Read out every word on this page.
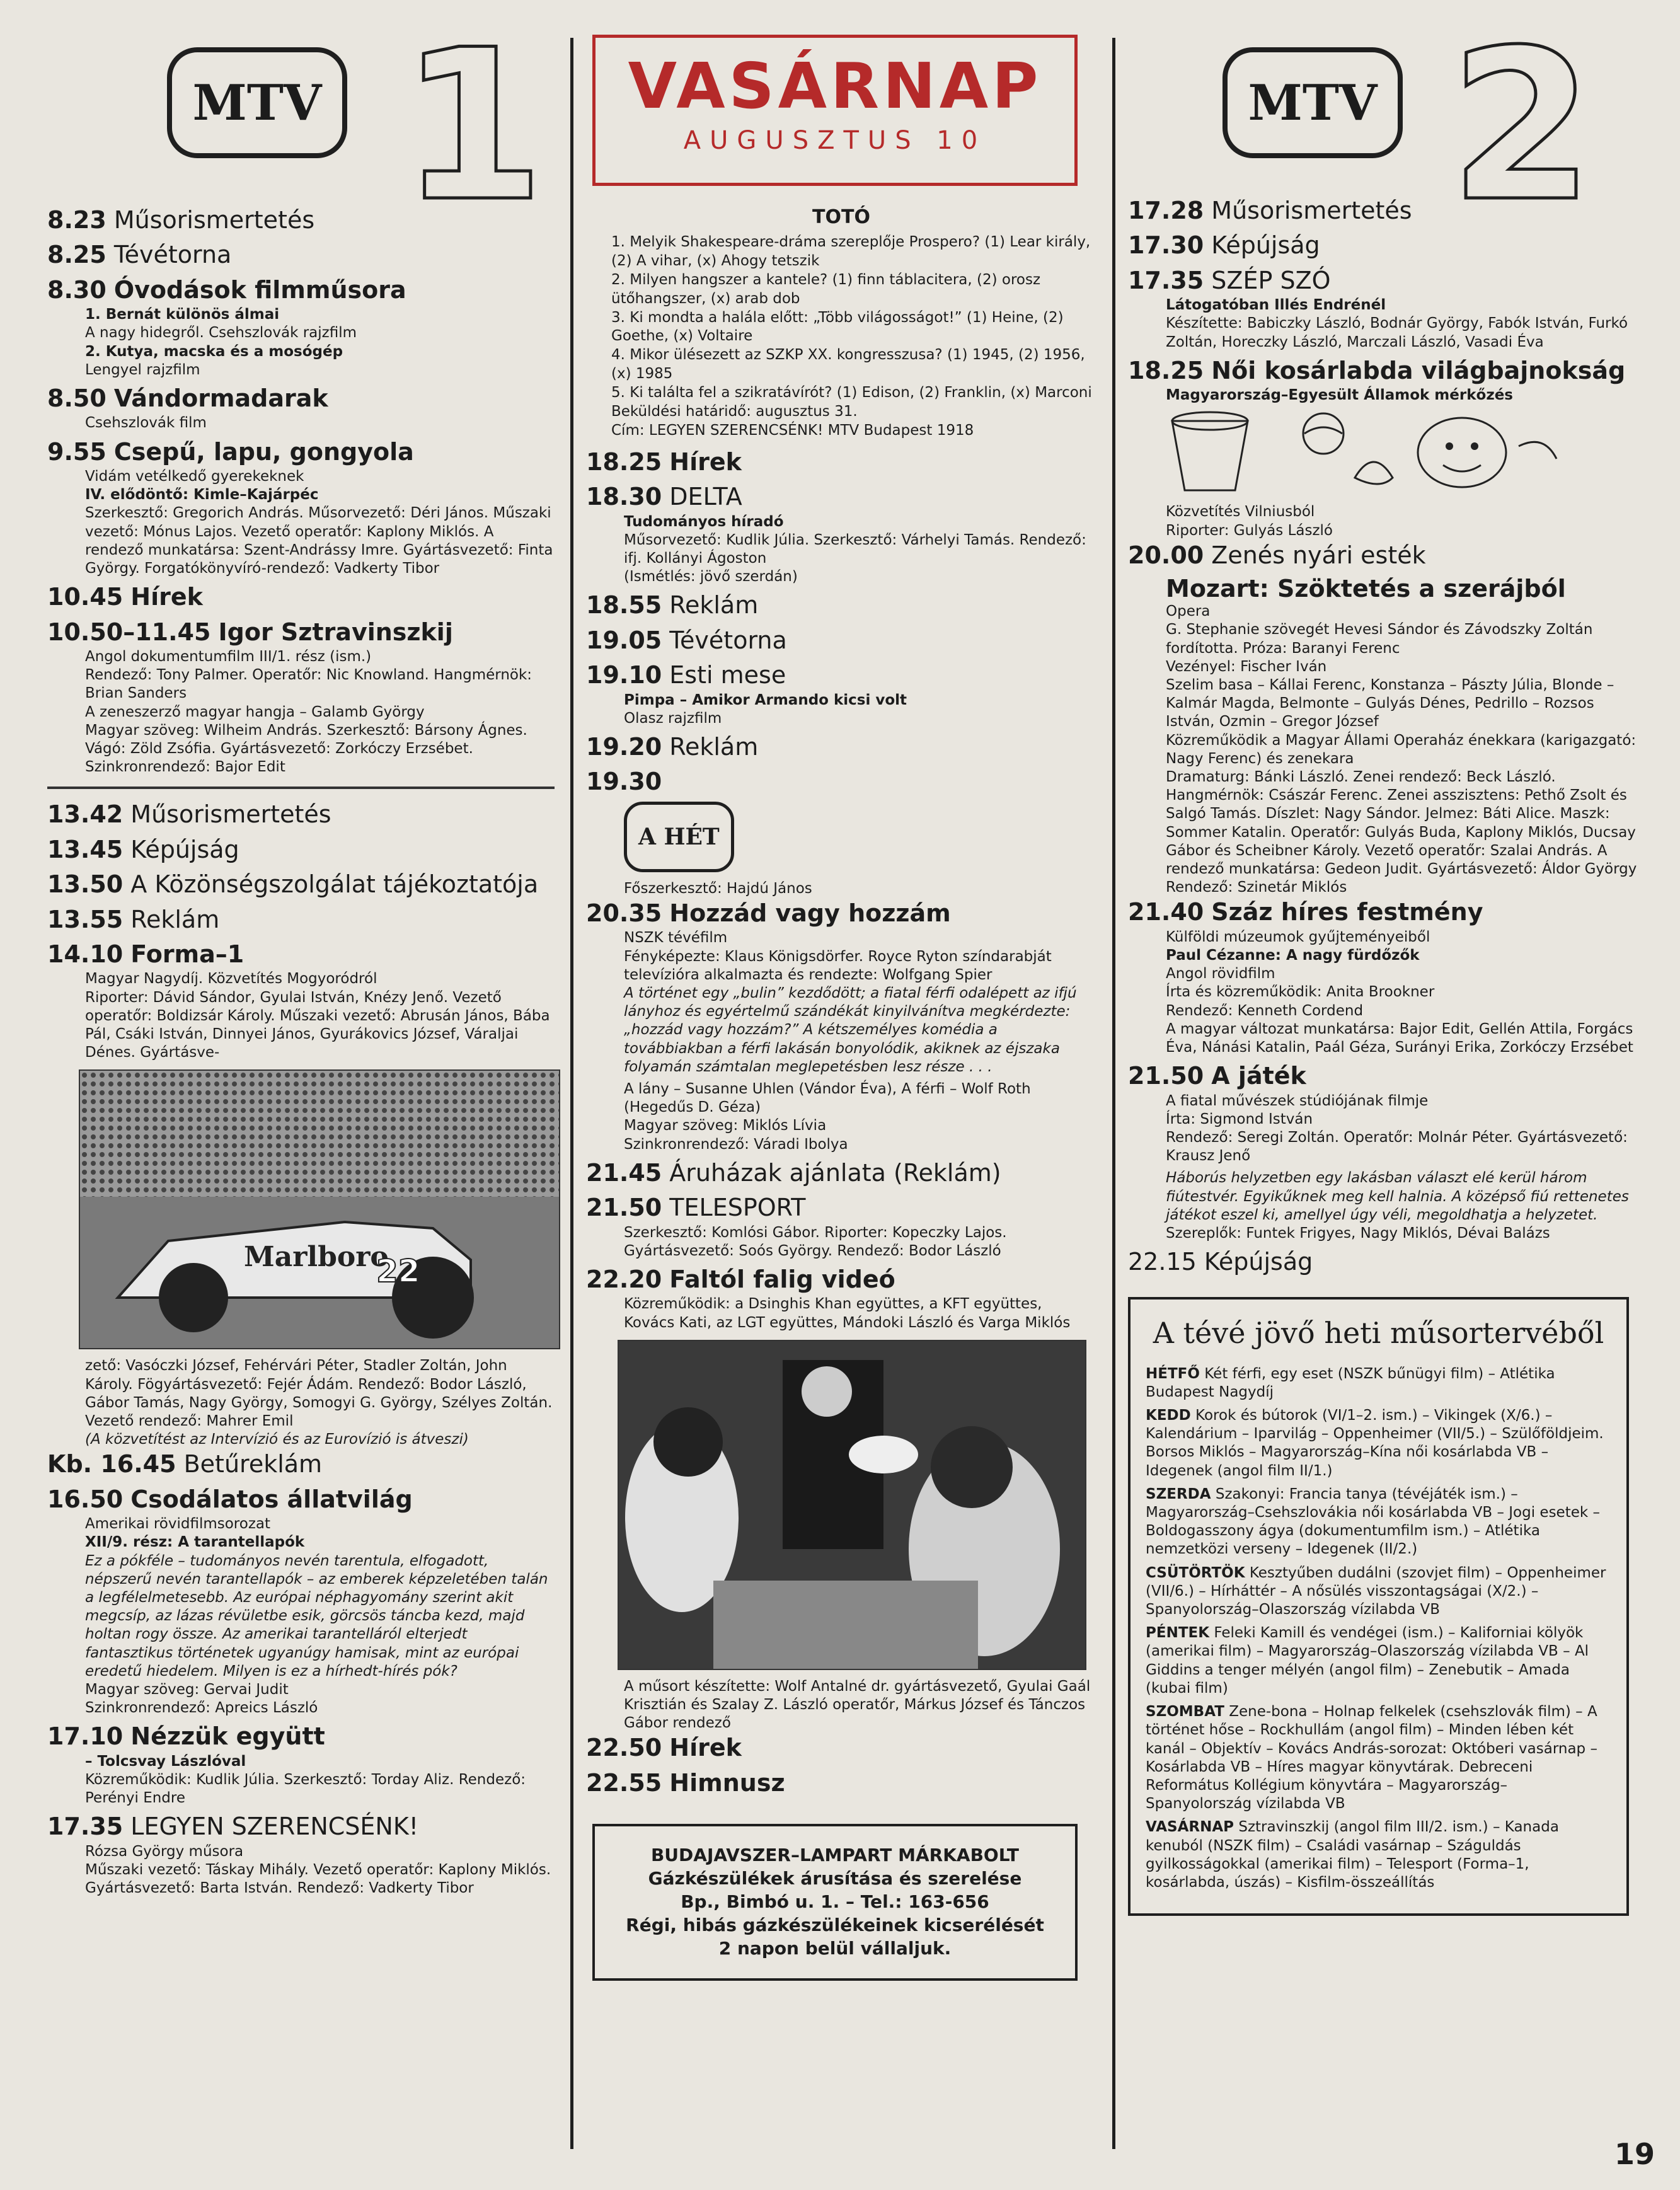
MTV 1
8.23 Műsorismertetés
8.25 Tévétorna
8.30 Óvodások filmműsora
1. Bernát különös álmai
A nagy hidegről. Csehszlovák rajzfilm
2. Kutya, macska és a mosógép
Lengyel rajzfilm
8.50 Vándormadarak
Csehszlovák film
9.55 Csepű, lapu, gongyola
Vidám vetélkedő gyerekeknek
IV. elődöntő: Kimle–Kajárpéc
Szerkesztő: Gregorich András. Műsorvezető: Déri János. Műszaki vezető: Mónus Lajos. Vezető operatőr: Kaplony Miklós. A rendező munkatársa: Szent-Andrássy Imre. Gyártásvezető: Finta György. Forgatókönyvíró-rendező: Vadkerty Tibor
10.45 Hírek
10.50–11.45 Igor Sztravinszkij
Angol dokumentumfilm III/1. rész (ism.)
Rendező: Tony Palmer. Operatőr: Nic Knowland. Hangmérnök: Brian Sanders
A zeneszerző magyar hangja – Galamb György
Magyar szöveg: Wilheim András. Szerkesztő: Bársony Ágnes. Vágó: Zöld Zsófia. Gyártásvezető: Zorkóczy Erzsébet. Szinkronrendező: Bajor Edit
13.42 Műsorismertetés
13.45 Képújság
13.50 A Közönségszolgálat tájékoztatója
13.55 Reklám
14.10 Forma–1
Magyar Nagydíj. Közvetítés Mogyoródról
Riporter: Dávid Sándor, Gyulai István, Knézy Jenő. Vezető operatőr: Boldizsár Károly. Műszaki vezető: Abrusán János, Bába Pál, Csáki István, Dinnyei János, Gyurákovics József, Váraljai Dénes. Gyártásve-
Marlboro
22
zető: Vasóczki József, Fehérvári Péter, Stadler Zoltán, John Károly. Fögyártásvezető: Fejér Ádám. Rendező: Bodor László, Gábor Tamás, Nagy György, Somogyi G. György, Szélyes Zoltán. Vezető rendező: Mahrer Emil
(A közvetítést az Intervízió és az Eurovízió is átveszi)
Kb. 16.45 Betűreklám
16.50 Csodálatos állatvilág
Amerikai rövidfilmsorozat
XII/9. rész: A tarantellapók
Ez a pókféle – tudományos nevén tarentula, elfogadott, népszerű nevén tarantellapók – az emberek képzeletében talán a legfélelmetesebb. Az európai néphagyomány szerint akit megcsíp, az lázas révületbe esik, görcsös táncba kezd, majd holtan rogy össze. Az amerikai tarantelláról elterjedt fantasztikus történetek ugyanúgy hamisak, mint az európai eredetű hiedelem. Milyen is ez a hírhedt-hírés pók?
Magyar szöveg: Gervai Judit
Szinkronrendező: Apreics László
17.10 Nézzük együtt
– Tolcsvay Lászlóval
Közreműködik: Kudlik Júlia. Szerkesztő: Torday Aliz. Rendező: Perényi Endre
17.35 LEGYEN SZERENCSÉNK!
Rózsa György műsora
Műszaki vezető: Táskay Mihály. Vezető operatőr: Kaplony Miklós. Gyártásvezető: Barta István. Rendező: Vadkerty Tibor
VASÁRNAP
AUGUSZTUS 10
TOTÓ
1. Melyik Shakespeare-dráma szereplője Prospero? (1) Lear király, (2) A vihar, (x) Ahogy tetszik
2. Milyen hangszer a kantele? (1) finn táblacitera, (2) orosz ütőhangszer, (x) arab dob
3. Ki mondta a halála előtt: „Több világosságot!” (1) Heine, (2) Goethe, (x) Voltaire
4. Mikor ülésezett az SZKP XX. kongresszusa? (1) 1945, (2) 1956, (x) 1985
5. Ki találta fel a szikratávírót? (1) Edison, (2) Franklin, (x) Marconi
Beküldési határidő: augusztus 31.
Cím: LEGYEN SZERENCSÉNK! MTV Budapest 1918
18.25 Hírek
18.30 DELTA
Tudományos híradó
Műsorvezető: Kudlik Júlia. Szerkesztő: Várhelyi Tamás. Rendező: ifj. Kollányi Ágoston
(Ismétlés: jövő szerdán)
18.55 Reklám
19.05 Tévétorna
19.10 Esti mese
Pimpa – Amikor Armando kicsi volt
Olasz rajzfilm
19.20 Reklám
19.30
A HÉT
Főszerkesztő: Hajdú János
20.35 Hozzád vagy hozzám
NSZK tévéfilm
Fényképezte: Klaus Königsdörfer. Royce Ryton színdarabját televízióra alkalmazta és rendezte: Wolfgang Spier
A történet egy „bulin” kezdődött; a fiatal férfi odalépett az ifjú lányhoz és egyértelmű szándékát kinyilvánítva megkérdezte: „hozzád vagy hozzám?” A kétszemélyes komédia a továbbiakban a férfi lakásán bonyolódik, akiknek az éjszaka folyamán számtalan meglepetésben lesz része . . .
A lány – Susanne Uhlen (Vándor Éva), A férfi – Wolf Roth (Hegedűs D. Géza)
Magyar szöveg: Miklós Lívia
Szinkronrendező: Váradi Ibolya
21.45 Áruházak ajánlata (Reklám)
21.50 TELESPORT
Szerkesztő: Komlósi Gábor. Riporter: Kopeczky Lajos. Gyártásvezető: Soós György. Rendező: Bodor László
22.20 Faltól falig videó
Közreműködik: a Dsinghis Khan együttes, a KFT együttes, Kovács Kati, az LGT együttes, Mándoki László és Varga Miklós
A műsort készítette: Wolf Antalné dr. gyártásvezető, Gyulai Gaál Krisztián és Szalay Z. László operatőr, Márkus József és Tánczos Gábor rendező
22.50 Hírek
22.55 Himnusz
BUDAJAVSZER–LAMPART MÁRKABOLT
Gázkészülékek árusítása és szerelése
Bp., Bimbó u. 1. – Tel.: 163-656
Régi, hibás gázkészülékeinek kicserélését
2 napon belül vállaljuk.
MTV 2
17.28 Műsorismertetés
17.30 Képújság
17.35 SZÉP SZÓ
Látogatóban Illés Endrénél
Készítette: Babiczky László, Bodnár György, Fabók István, Furkó Zoltán, Horeczky László, Marczali László, Vasadi Éva
18.25 Női kosárlabda világbajnokság
Magyarország–Egyesült Államok mérkőzés
Közvetítés Vilniusból
Riporter: Gulyás László
20.00 Zenés nyári esték
Mozart: Szöktetés a szerájból
Opera
G. Stephanie szövegét Hevesi Sándor és Závodszky Zoltán fordította. Próza: Baranyi Ferenc
Vezényel: Fischer Iván
Szelim basa – Kállai Ferenc, Konstanza – Pászty Júlia, Blonde – Kalmár Magda, Belmonte – Gulyás Dénes, Pedrillo – Rozsos István, Ozmin – Gregor József
Közreműködik a Magyar Állami Operaház énekkara (karigazgató: Nagy Ferenc) és zenekara
Dramaturg: Bánki László. Zenei rendező: Beck László. Hangmérnök: Császár Ferenc. Zenei asszisztens: Pethő Zsolt és Salgó Tamás. Díszlet: Nagy Sándor. Jelmez: Báti Alice. Maszk: Sommer Katalin. Operatőr: Gulyás Buda, Kaplony Miklós, Ducsay Gábor és Scheibner Károly. Vezető operatőr: Szalai András. A rendező munkatársa: Gedeon Judit. Gyártásvezető: Áldor György
Rendező: Szinetár Miklós
21.40 Száz híres festmény
Külföldi múzeumok gyűjteményeiből
Paul Cézanne: A nagy fürdőzők
Angol rövidfilm
Írta és közreműködik: Anita Brookner
Rendező: Kenneth Cordend
A magyar változat munkatársa: Bajor Edit, Gellén Attila, Forgács Éva, Nánási Katalin, Paál Géza, Surányi Erika, Zorkóczy Erzsébet
21.50 A játék
A fiatal művészek stúdiójának filmje
Írta: Sigmond István
Rendező: Seregi Zoltán. Operatőr: Molnár Péter. Gyártásvezető: Krausz Jenő
Háborús helyzetben egy lakásban választ elé kerül három fiútestvér. Egyikűknek meg kell halnia. A középső fiú rettenetes játékot eszel ki, amellyel úgy véli, megoldhatja a helyzetet.
Szereplők: Funtek Frigyes, Nagy Miklós, Dévai Balázs
22.15 Képújság
A tévé jövő heti műsortervéből

HÉTFŐ Két férfi, egy eset (NSZK bűnügyi film) – Atlétika Budapest Nagydíj

KEDD Korok és bútorok (VI/1–2. ism.) – Vikingek (X/6.) – Kalendárium – Iparvilág – Oppenheimer (VII/5.) – Szülőföldjeim. Borsos Miklós – Magyarország–Kína női kosárlabda VB – Idegenek (angol film II/1.)

SZERDA Szakonyi: Francia tanya (tévéjáték ism.) – Magyarország–Csehszlovákia női kosárlabda VB – Jogi esetek – Boldogasszony ágya (dokumentumfilm ism.) – Atlétika nemzetközi verseny – Idegenek (II/2.)

CSÜTÖRTÖK Kesztyűben dudálni (szovjet film) – Oppenheimer (VII/6.) – Hírháttér – A nősülés visszontagságai (X/2.) – Spanyolország–Olaszország vízilabda VB

PÉNTEK Feleki Kamill és vendégei (ism.) – Kaliforniai kölyök (amerikai film) – Magyarország–Olaszország vízilabda VB – Al Giddins a tenger mélyén (angol film) – Zenebutik – Amada (kubai film)

SZOMBAT Zene-bona – Holnap felkelek (csehszlovák film) – A történet hőse – Rockhullám (angol film) – Minden lében két kanál – Objektív – Kovács András-sorozat: Októberi vasárnap – Kosárlabda VB – Híres magyar könyvtárak. Debreceni Református Kollégium könyvtára – Magyarország–Spanyolország vízilabda VB

VASÁRNAP Sztravinszkij (angol film III/2. ism.) – Kanada kenuból (NSZK film) – Családi vasárnap – Száguldás gyilkosságokkal (amerikai film) – Telesport (Forma–1, kosárlabda, úszás) – Kisfilm-összeállítás

19
